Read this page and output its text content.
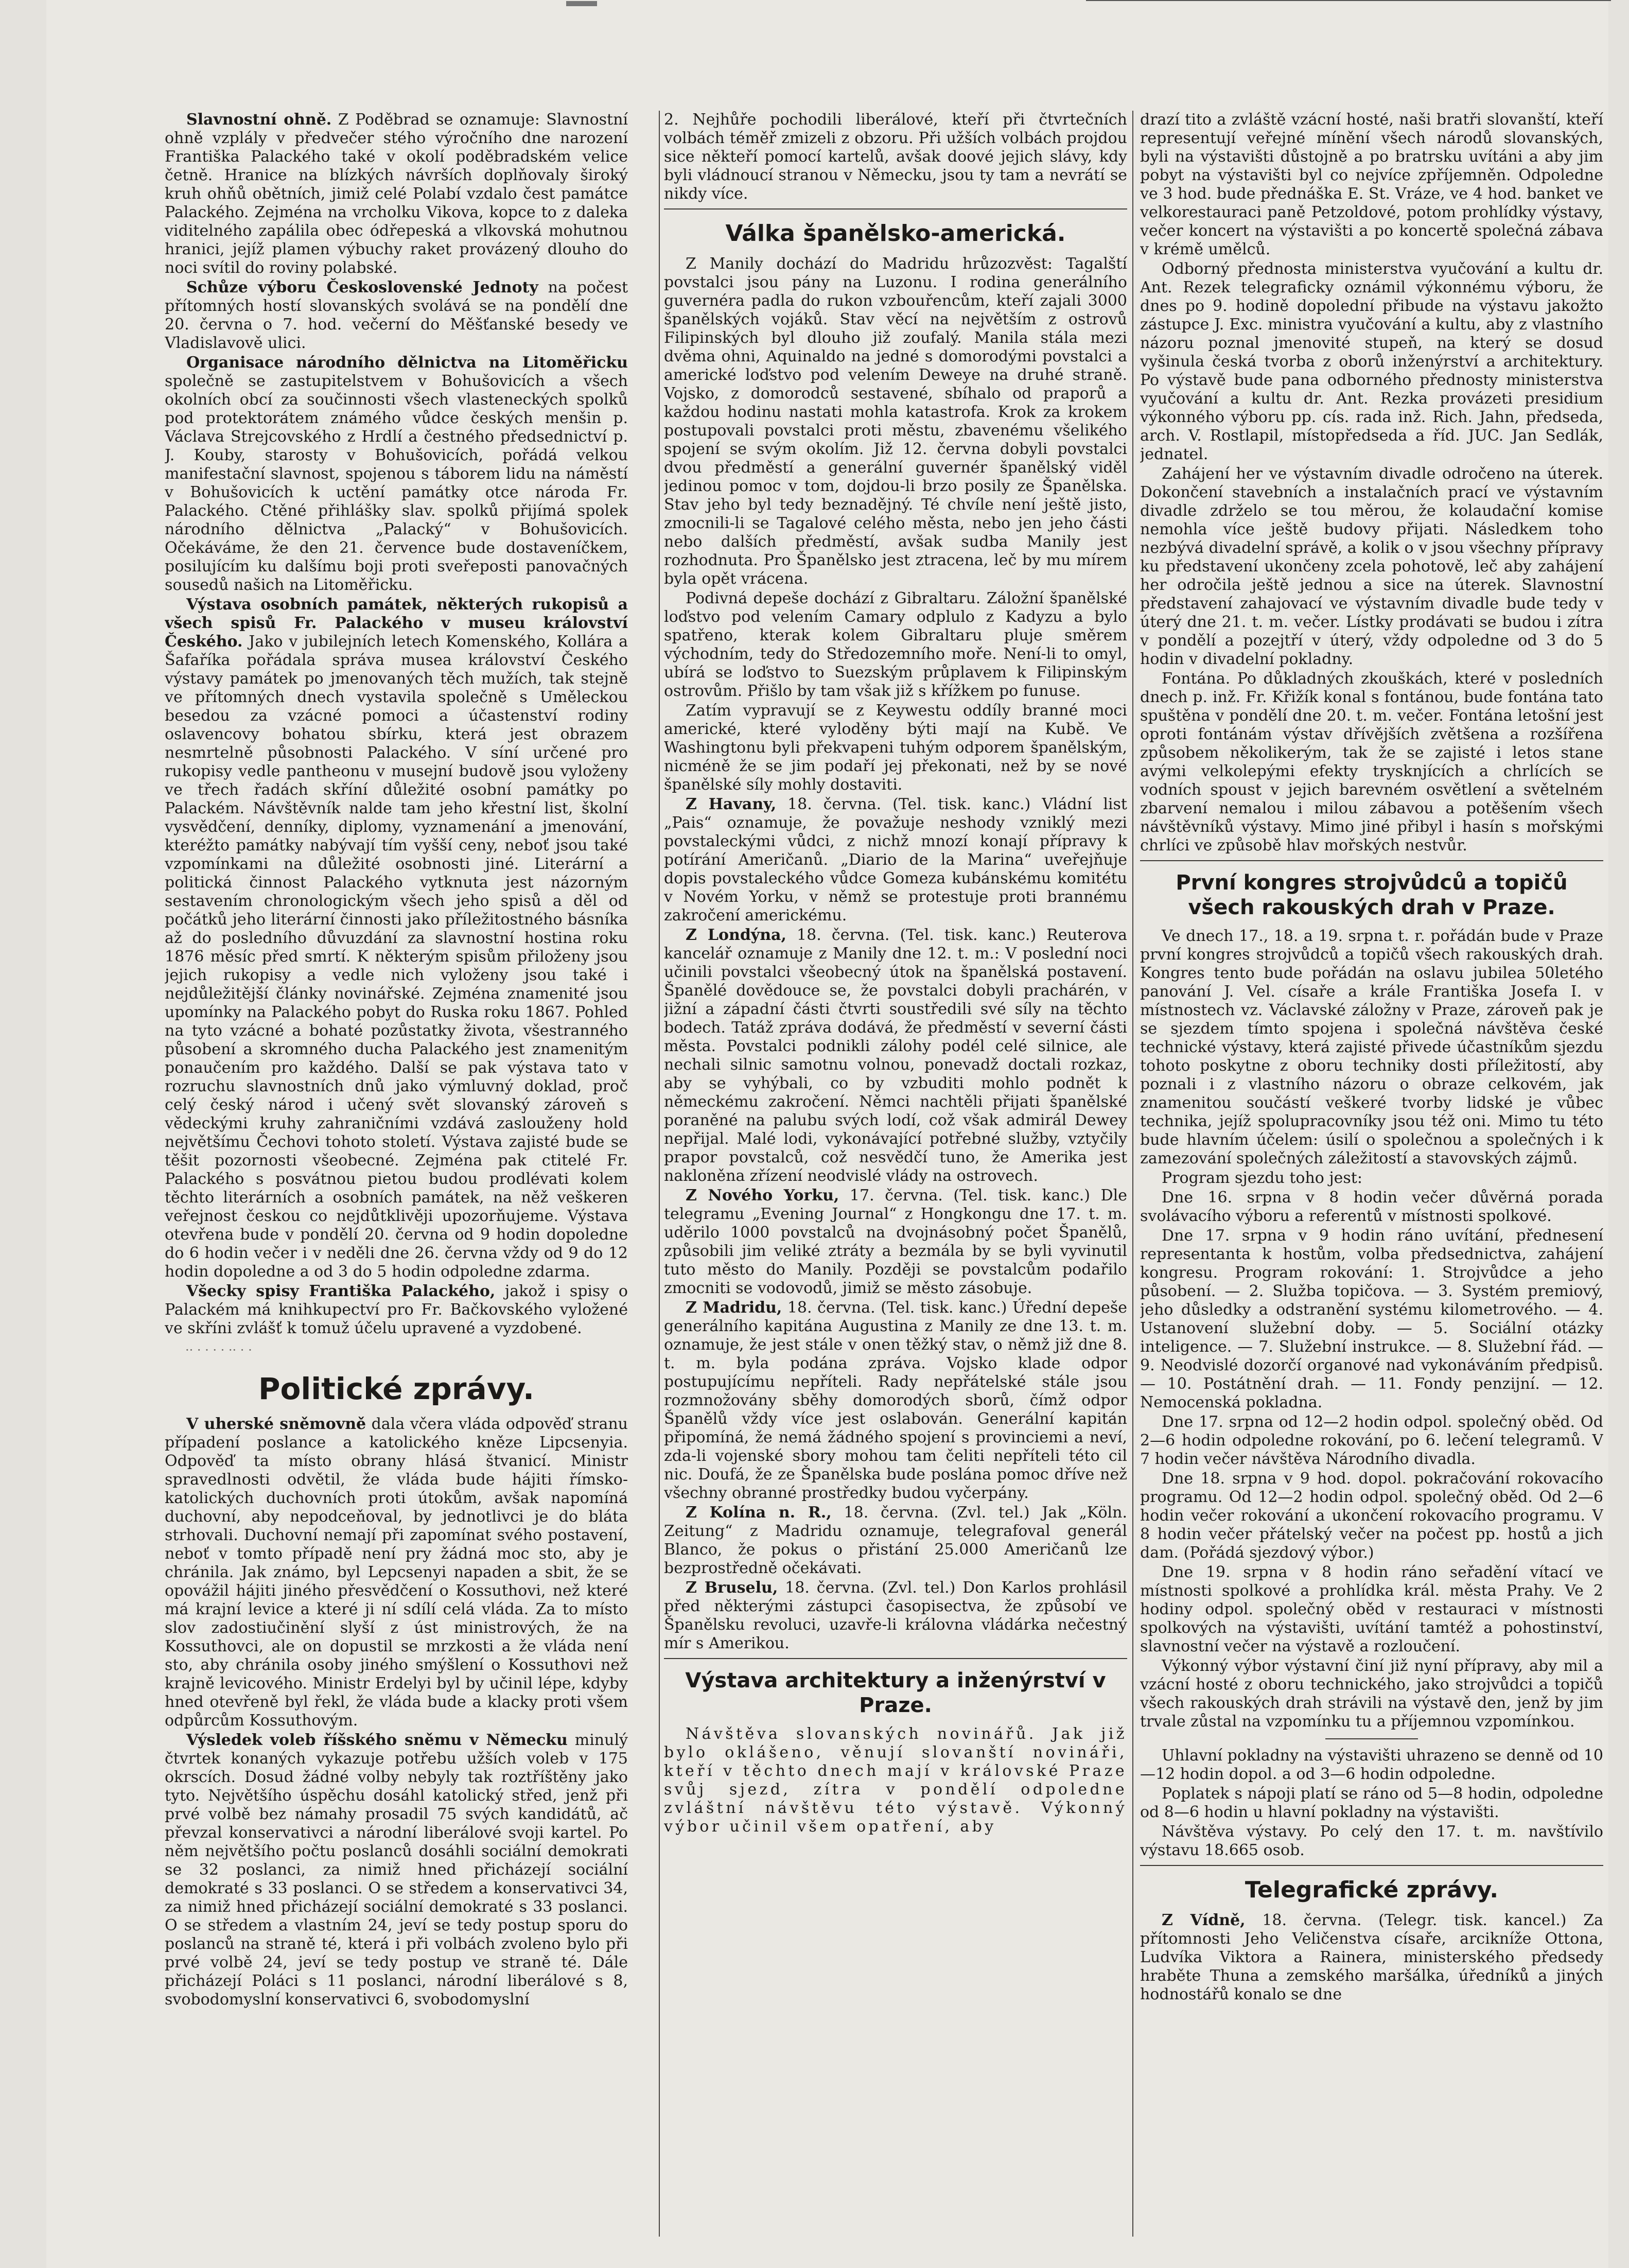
Slavnostní ohně. Z Poděbrad se oznamuje: Slavnostní ohně vzplály v předvečer stého výročního dne narození Františka Palackého také v okolí poděbradském velice četně. Hranice na blízkých návrších doplňovaly široký kruh ohňů obětních, jimiž celé Polabí vzdalo čest památce Palackého. Zejména na vrcholku Vikova, kopce to z daleka viditelného zapálila obec ódřepeská a vlkovská mohutnou hranici, jejíž plamen výbuchy raket provázený dlouho do noci svítil do roviny polabské.

Schůze výboru Československé Jednoty na počest přítomných hostí slovanských svolává se na pondělí dne 20. června o 7. hod. večerní do Měšťanské besedy ve Vladislavově ulici.

Organisace národního dělnictva na Litoměřicku společně se zastupitelstvem v Bohušovicích a všech okolních obcí za součinnosti všech vlasteneckých spolků pod protektorátem známého vůdce českých menšin p. Václava Strejcovského z Hrdlí a čestného předsednictví p. J. Kouby, starosty v Bohušovicích, pořádá velkou manifestační slavnost, spojenou s táborem lidu na náměstí v Bohušovicích k uctění památky otce národa Fr. Palackého. Ctěné přihlášky slav. spolků přijímá spolek národního dělnictva „Palacký“ v Bohušovicích. Očekáváme, že den 21. července bude dostaveníčkem, posilujícím ku dalšímu boji proti sveřeposti panovačných sousedů našich na Litoměřicku.

Výstava osobních památek, některých rukopisů a všech spisů Fr. Palackého v museu království Českého. Jako v jubilejních letech Komenského, Kollára a Šafaříka pořádala správa musea království Českého výstavy památek po jmenovaných těch mužích, tak stejně ve přítomných dnech vystavila společně s Uměleckou besedou za vzácné pomoci a účastenství rodiny oslavencovy bohatou sbírku, která jest obrazem nesmrtelně působnosti Palackého. V síní určené pro rukopisy vedle pantheonu v musejní budově jsou vyloženy ve třech řadách skříní důležité osobní památky po Palackém. Návštěvník nalde tam jeho křestní list, školní vysvědčení, denníky, diplomy, vyznamenání a jmenování, kteréžto památky nabývají tím vyšší ceny, neboť jsou také vzpomínkami na důležité osobnosti jiné. Literární a politická činnost Palackého vytknuta jest názorným sestavením chronologickým všech jeho spisů a děl od počátků jeho literární činnosti jako příležitostného básníka až do posledního důvuzdání za slavnostní hostina roku 1876 měsíc před smrtí. K některým spisům přiloženy jsou jejich rukopisy a vedle nich vyloženy jsou také i nejdůležitější články novinářské. Zejména znamenité jsou upomínky na Palackého pobyt do Ruska roku 1867. Pohled na tyto vzácné a bohaté pozůstatky života, všestranného působení a skromného ducha Palackého jest znamenitým ponaučením pro každého. Další se pak výstava tato v rozruchu slavnostních dnů jako výmluvný doklad, proč celý český národ i učený svět slovanský zároveň s vědeckými kruhy zahraničními vzdává zaslouženy hold největšímu Čechovi tohoto století. Výstava zajisté bude se těšit pozornosti všeobecné. Zejména pak ctitelé Fr. Palackého s posvátnou pietou budou prodlévati kolem těchto literárních a osobních památek, na něž veškeren veřejnost českou co nejdůtklivěji upozorňujeme. Výstava otevřena bude v pondělí 20. června od 9 hodin dopoledne do 6 hodin večer i v neděli dne 26. června vždy od 9 do 12 hodin dopoledne a od 3 do 5 hodin odpoledne zdarma.

Všecky spisy Františka Palackého, jakož i spisy o Palackém má knihkupectví pro Fr. Bačkovského vyložené ve skříni zvlášť k tomuž účelu upravené a vyzdobené.

·· · · · · ·· · ·

Politické zprávy.

V uherské sněmovně dala včera vláda odpověď stranu případení poslance a katolického kněze Lipcsenyia. Odpověď ta místo obrany hlásá štvanicí. Ministr spravedlnosti odvětil, že vláda bude hájiti římsko-katolických duchovních proti útokům, avšak napomíná duchovní, aby nepodceňoval, by jednotlivci je do bláta strhovali. Duchovní nemají při zapomínat svého postavení, neboť v tomto případě není pry žádná moc sto, aby je chránila. Jak známo, byl Lepcsenyi napaden a sbit, že se opovážil hájiti jiného přesvědčení o Kossuthovi, než které má krajní levice a které ji ní sdílí celá vláda. Za to místo slov zadostiučinění slyší z úst ministrových, že na Kossuthovci, ale on dopustil se mrzkosti a že vláda není sto, aby chránila osoby jiného smýšlení o Kossuthovi než krajně levicového. Ministr Erdelyi byl by učinil lépe, kdyby hned otevřeně byl řekl, že vláda bude a klacky proti všem odpůrcům Kossuthovým.

Výsledek voleb říšského sněmu v Německu minulý čtvrtek konaných vykazuje potřebu užších voleb v 175 okrscích. Dosud žádné volby nebyly tak roztříštěny jako tyto. Největšího úspěchu dosáhl katolický střed, jenž při prvé volbě bez námahy prosadil 75 svých kandidátů, ač převzal konservativci a národní liberálové svoji kartel. Po něm největšího počtu poslanců dosáhli sociální demokrati se 32 poslanci, za nimiž hned přicházejí sociální demokraté s 33 poslanci. O se středem a konservativci 34, za nimiž hned přicházejí sociální demokraté s 33 poslanci. O se středem a vlastním 24, jeví se tedy postup sporu do poslanců na straně té, která i při volbách zvoleno bylo při prvé volbě 24, jeví se tedy postup ve straně té. Dále přicházejí Poláci s 11 poslanci, národní liberálové s 8, svobodomyslní konservativci 6, svobodomyslní

2. Nejhůře pochodili liberálové, kteří při čtvrtečních volbách téměř zmizeli z obzoru. Při užších volbách projdou sice někteří pomocí kartelů, avšak doové jejich slávy, kdy byli vládnoucí stranou v Německu, jsou ty tam a nevrátí se nikdy více.

Válka španělsko-americká.

Z Manily dochází do Madridu hrůzozvěst: Tagalští povstalci jsou pány na Luzonu. I rodina generálního guvernéra padla do rukon vzbouřencům, kteří zajali 3000 španělských vojáků. Stav věcí na největším z ostrovů Filipinských byl dlouho již zoufalý. Manila stála mezi dvěma ohni, Aquinaldo na jedné s domorodými povstalci a americké loďstvo pod velením Deweye na druhé straně. Vojsko, z domorodců sestavené, sbíhalo od praporů a každou hodinu nastati mohla katastrofa. Krok za krokem postupovali povstalci proti městu, zbavenému všelikého spojení se svým okolím. Již 12. června dobyli povstalci dvou předměstí a generální guvernér španělský viděl jedinou pomoc v tom, dojdou-li brzo posily ze Španělska. Stav jeho byl tedy beznadějný. Té chvíle není ještě jisto, zmocnili-li se Tagalové celého města, nebo jen jeho části nebo dalších předměstí, avšak sudba Manily jest rozhodnuta. Pro Španělsko jest ztracena, leč by mu mírem byla opět vrácena.

Podivná depeše dochází z Gibraltaru. Záložní španělské loďstvo pod velením Camary odplulo z Kadyzu a bylo spatřeno, kterak kolem Gibraltaru pluje směrem východním, tedy do Středozemního moře. Není-li to omyl, ubírá se loďstvo to Suezským průplavem k Filipinským ostrovům. Přišlo by tam však již s křížkem po funuse.

Zatím vypravují se z Keywestu oddíly branné moci americké, které vyloděny býti mají na Kubě. Ve Washingtonu byli překvapeni tuhým odporem španělským, nicméně že se jim podaří jej překonati, než by se nové španělské síly mohly dostaviti.

Z Havany, 18. června. (Tel. tisk. kanc.) Vládní list „Pais“ oznamuje, že považuje neshody vzniklý mezi povstaleckými vůdci, z nichž mnozí konají přípravy k potírání Američanů. „Diario de la Marina“ uveřejňuje dopis povstaleckého vůdce Gomeza kubánskému komitétu v Novém Yorku, v němž se protestuje proti brannému zakročení americkému.

Z Londýna, 18. června. (Tel. tisk. kanc.) Reuterova kancelář oznamuje z Manily dne 12. t. m.: V poslední noci učinili povstalci všeobecný útok na španělská postavení. Španělé dovědouce se, že povstalci dobyli prachárén, v jižní a západní části čtvrti soustředili své síly na těchto bodech. Tatáž zpráva dodává, že předměstí v severní části města. Povstalci podnikli zálohy podél celé silnice, ale nechali silnic samotnu volnou, ponevadž doctali rozkaz, aby se vyhýbali, co by vzbuditi mohlo podnět k německému zakročení. Němci nachtěli přijati španělské poraněné na palubu svých lodí, což však admirál Dewey nepřijal. Malé lodi, vykonávající potřebné služby, vztyčily prapor povstalců, což nesvědčí tuno, že Amerika jest nakloněna zřízení neodvislé vlády na ostrovech.

Z Nového Yorku, 17. června. (Tel. tisk. kanc.) Dle telegramu „Evening Journal“ z Hongkongu dne 17. t. m. uděrilo 1000 povstalců na dvojnásobný počet Španělů, způsobili jim veliké ztráty a bezmála by se byli vyvinutil tuto město do Manily. Později se povstalcům podařilo zmocniti se vodovodů, jimiž se město zásobuje.

Z Madridu, 18. června. (Tel. tisk. kanc.) Úřední depeše generálního kapitána Augustina z Manily ze dne 13. t. m. oznamuje, že jest stále v onen těžký stav, o němž již dne 8. t. m. byla podána zpráva. Vojsko klade odpor postupujícímu nepříteli. Rady nepřátelské stále jsou rozmnožovány sběhy domorodých sborů, čímž odpor Španělů vždy více jest oslabován. Generální kapitán připomíná, že nemá žádného spojení s provinciemi a neví, zda-li vojenské sbory mohou tam čeliti nepříteli této cil nic. Doufá, že ze Španělska bude poslána pomoc dříve než všechny obranné prostředky budou vyčerpány.

Z Kolína n. R., 18. června. (Zvl. tel.) Jak „Köln. Zeitung“ z Madridu oznamuje, telegrafoval generál Blanco, že pokus o přistání 25.000 Američanů lze bezprostředně očekávati.

Z Bruselu, 18. června. (Zvl. tel.) Don Karlos prohlásil před některými zástupci časopisectva, že způsobí ve Španělsku revoluci, uzavře-li královna vládárka nečestný mír s Amerikou.

Výstava architektury a inženýrství v Praze.

Návštěva slovanských novinářů. Jak již bylo oklášeno, věnují slovanští novináři, kteří v těchto dnech mají v královské Praze svůj sjezd, zítra v pondělí odpoledne zvláštní návštěvu této výstavě. Výkonný výbor učinil všem opatření, aby

drazí tito a zvláště vzácní hosté, naši bratři slovanští, kteří representují veřejné mínění všech národů slovanských, byli na výstavišti důstojně a po bratrsku uvítáni a aby jim pobyt na výstavišti byl co nejvíce zpříjemněn. Odpoledne ve 3 hod. bude přednáška E. St. Vráze, ve 4 hod. banket ve velkorestauraci paně Petzoldové, potom prohlídky výstavy, večer koncert na výstavišti a po koncertě společná zábava v krémě umělců.

Odborný přednosta ministerstva vyučování a kultu dr. Ant. Rezek telegraficky oznámil výkonnému výboru, že dnes po 9. hodině dopolední přibude na výstavu jakožto zástupce J. Exc. ministra vyučování a kultu, aby z vlastního názoru poznal jmenovité stupeň, na který se dosud vyšinula česká tvorba z oborů inženýrství a architektury. Po výstavě bude pana odborného přednosty ministerstva vyučování a kultu dr. Ant. Rezka provázeti presidium výkonného výboru pp. cís. rada inž. Rich. Jahn, předseda, arch. V. Rostlapil, místopředseda a říd. JUC. Jan Sedlák, jednatel.

Zahájení her ve výstavním divadle odročeno na úterek. Dokončení stavebních a instalačních prací ve výstavním divadle zdrželo se tou měrou, že kolaudační komise nemohla více ještě budovy přijati. Následkem toho nezbývá divadelní správě, a kolik o v jsou všechny přípravy ku představení ukončeny zcela pohotově, leč aby zahájení her odročila ještě jednou a sice na úterek. Slavnostní představení zahajovací ve výstavním divadle bude tedy v úterý dne 21. t. m. večer. Lístky prodávati se budou i zítra v pondělí a pozejtří v úterý, vždy odpoledne od 3 do 5 hodin v divadelní pokladny.

Fontána. Po důkladných zkouškách, které v posledních dnech p. inž. Fr. Křižík konal s fontánou, bude fontána tato spuštěna v pondělí dne 20. t. m. večer. Fontána letošní jest oproti fontánám výstav dřívějších zvětšena a rozšířena způsobem několikerým, tak že se zajisté i letos stane avými velkolepými efekty trysknjících a chrlících se vodních spoust v jejich barevném osvětlení a světelném zbarvení nemalou i milou zábavou a potěšením všech návštěvníků výstavy. Mimo jiné přibyl i hasín s mořskými chrlíci ve způsobě hlav mořských nestvůr.

První kongres strojvůdců a topičů všech rakouských drah v Praze.

Ve dnech 17., 18. a 19. srpna t. r. pořádán bude v Praze první kongres strojvůdců a topičů všech rakouských drah. Kongres tento bude pořádán na oslavu jubilea 50letého panování J. Vel. císaře a krále Františka Josefa I. v místnostech vz. Václavské záložny v Praze, zároveň pak je se sjezdem tímto spojena i společná návštěva české technické výstavy, která zajisté přivede účastníkům sjezdu tohoto poskytne z oboru techniky dosti příležitostí, aby poznali i z vlastního názoru o obraze celkovém, jak znamenitou součástí veškeré tvorby lidské je vůbec technika, jejíž spolupracovníky jsou též oni. Mimo tu této bude hlavním účelem: úsilí o společnou a společných i k zamezování společných záležitostí a stavovských zájmů.

Program sjezdu toho jest:

Dne 16. srpna v 8 hodin večer důvěrná porada svolávacího výboru a referentů v místnosti spolkové.

Dne 17. srpna v 9 hodin ráno uvítání, přednesení representanta k hostům, volba předsednictva, zahájení kongresu. Program rokování: 1. Strojvůdce a jeho působení. — 2. Služba topičova. — 3. Systém premiový, jeho důsledky a odstranění systému kilometrového. — 4. Ustanovení služební doby. — 5. Sociální otázky inteligence. — 7. Služební instrukce. — 8. Služební řád. — 9. Neodvislé dozorčí organové nad vykonáváním předpisů. — 10. Postátnění drah. — 11. Fondy penzijní. — 12. Nemocenská pokladna.

Dne 17. srpna od 12—2 hodin odpol. společný oběd. Od 2—6 hodin odpoledne rokování, po 6. lečení telegramů. V 7 hodin večer návštěva Národního divadla.

Dne 18. srpna v 9 hod. dopol. pokračování rokovacího programu. Od 12—2 hodin odpol. společný oběd. Od 2—6 hodin večer rokování a ukončení rokovacího programu. V 8 hodin večer přátelský večer na počest pp. hostů a jich dam. (Pořádá sjezdový výbor.)

Dne 19. srpna v 8 hodin ráno seřadění vítací ve místnosti spolkové a prohlídka král. města Prahy. Ve 2 hodiny odpol. společný oběd v restauraci v místnosti spolkových na výstavišti, uvítání tamtéž a pohostinství, slavnostní večer na výstavě a rozloučení.

Výkonný výbor výstavní činí již nyní přípravy, aby mil a vzácní hosté z oboru technického, jako strojvůdci a topičů všech rakouských drah strávili na výstavě den, jenž by jim trvale zůstal na vzpomínku tu a příjemnou vzpomínkou.

Uhlavní pokladny na výstavišti uhrazeno se denně od 10—12 hodin dopol. a od 3—6 hodin odpoledne.

Poplatek s nápoji platí se ráno od 5—8 hodin, odpoledne od 8—6 hodin u hlavní pokladny na výstavišti.

Návštěva výstavy. Po celý den 17. t. m. navštívilo výstavu 18.665 osob.

Telegrafické zprávy.

Z Vídně, 18. června. (Telegr. tisk. kancel.) Za přítomnosti Jeho Veličenstva císaře, arcikníže Ottona, Ludvíka Viktora a Rainera, ministerského předsedy hraběte Thuna a zemského maršálka, úředníků a jiných hodnostářů konalo se dne
